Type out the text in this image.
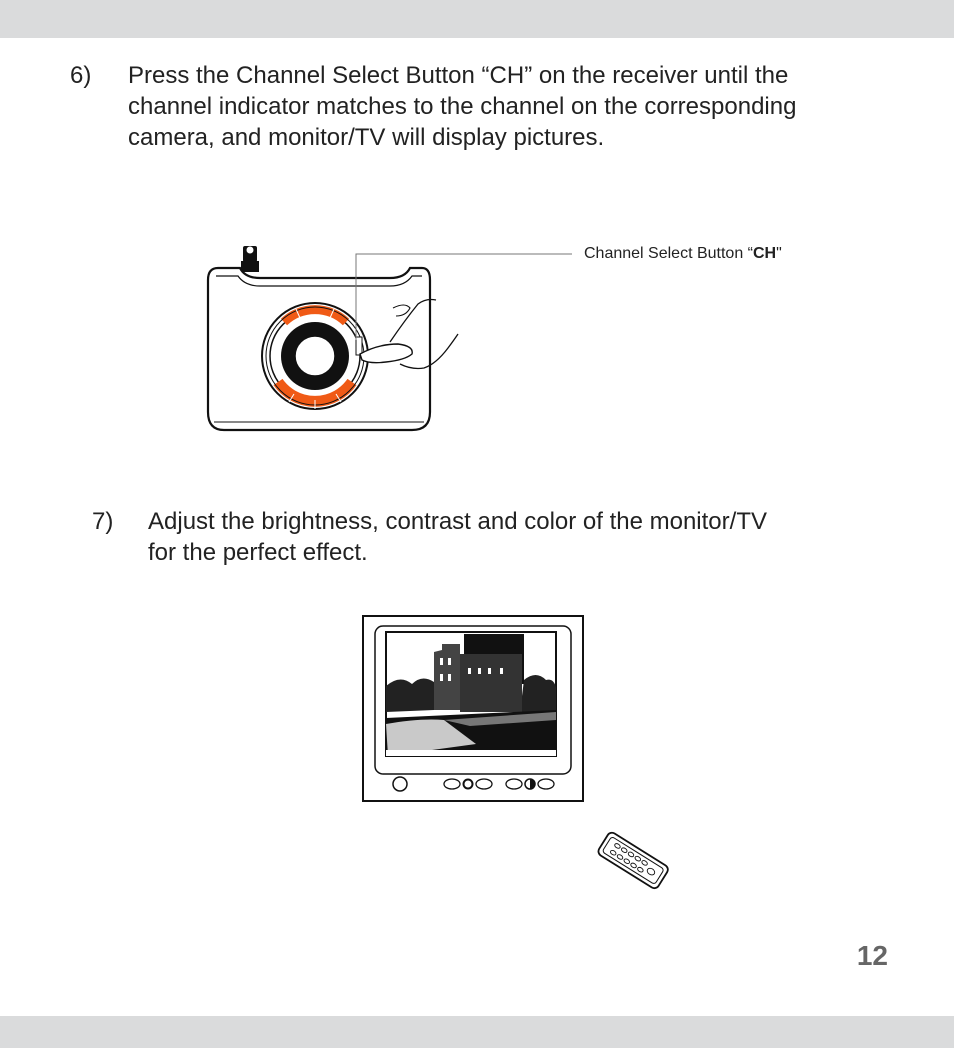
6) Press the Channel Select Button “CH” on the receiver until the
channel indicator matches to the channel on the corresponding
camera, and monitor/TV will display pictures.
Channel Select Button “CH"
7) Adjust the brightness, contrast and color of the monitor/TV
for the perfect effect.
12
